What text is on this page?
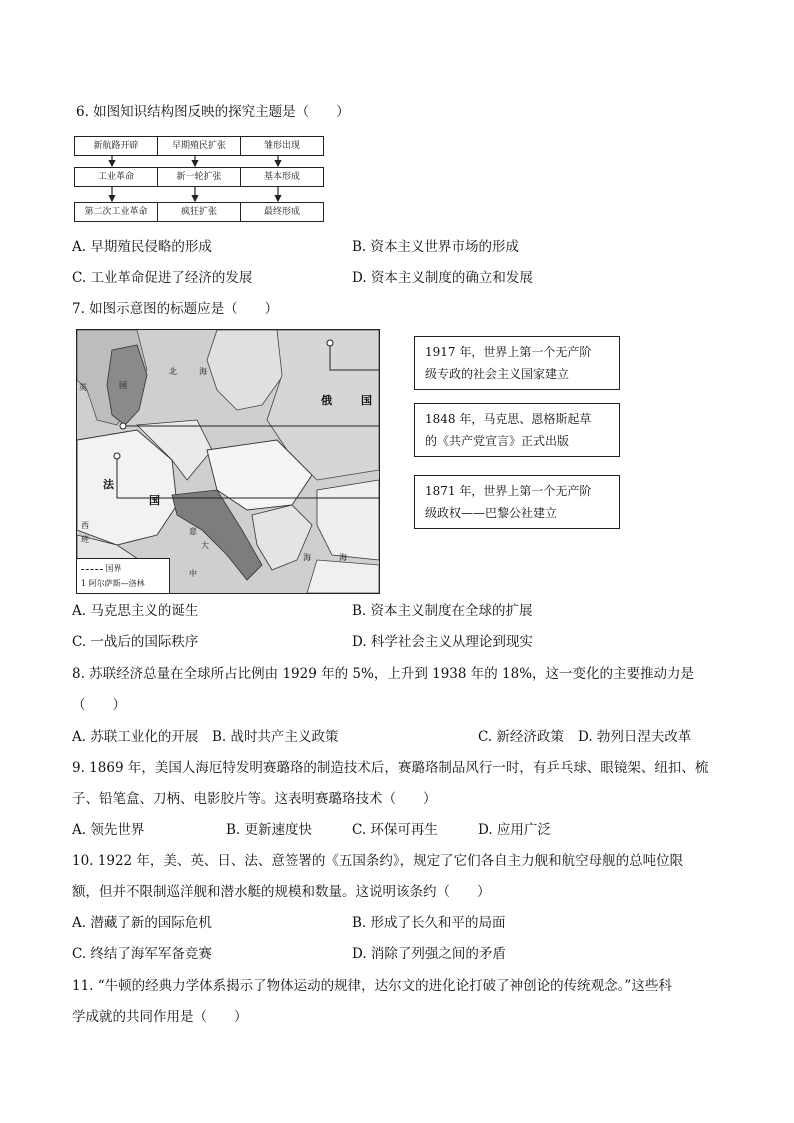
6. 如图知识结构图反映的探究主题是（　　）
新航路开辟	早期殖民扩张	雏形出现
工业革命	新一轮扩张	基本形成
第二次工业革命	疯狂扩张	最终形成
A. 早期殖民侵略的形成	B. 资本主义世界市场的形成
C. 工业革命促进了经济的发展	D. 资本主义制度的确立和发展
7. 如图示意图的标题应是（　　）
英	国
北	海
俄	国
法
国
西
班
意
大
中
海	海
国界
1 阿尔萨斯—洛林
1917 年，世界上第一个无产阶
级专政的社会主义国家建立
1848 年，马克思、恩格斯起草
的《共产党宣言》正式出版
1871 年，世界上第一个无产阶
级政权——巴黎公社建立
A. 马克思主义的诞生	B. 资本主义制度在全球的扩展
C. 一战后的国际秩序	D. 科学社会主义从理论到现实
8. 苏联经济总量在全球所占比例由 1929 年的 5%，上升到 1938 年的 18%，这一变化的主要推动力是
（　　）
A. 苏联工业化的开展 B. 战时共产主义政策	C. 新经济政策 D. 勃列日涅夫改革
9. 1869 年，美国人海厄特发明赛璐珞的制造技术后，赛璐珞制品风行一时，有乒乓球、眼镜架、纽扣、梳
子、铅笔盒、刀柄、电影胶片等。这表明赛璐珞技术（　　）
A. 领先世界	B. 更新速度快	C. 环保可再生	D. 应用广泛
10. 1922 年，美、英、日、法、意签署的《五国条约》，规定了它们各自主力舰和航空母舰的总吨位限
额，但并不限制巡洋舰和潜水艇的规模和数量。这说明该条约（　　）
A. 潜藏了新的国际危机	B. 形成了长久和平的局面
C. 终结了海军军备竞赛	D. 消除了列强之间的矛盾
11. “牛顿的经典力学体系揭示了物体运动的规律，达尔文的进化论打破了神创论的传统观念。”这些科
学成就的共同作用是（　　）
